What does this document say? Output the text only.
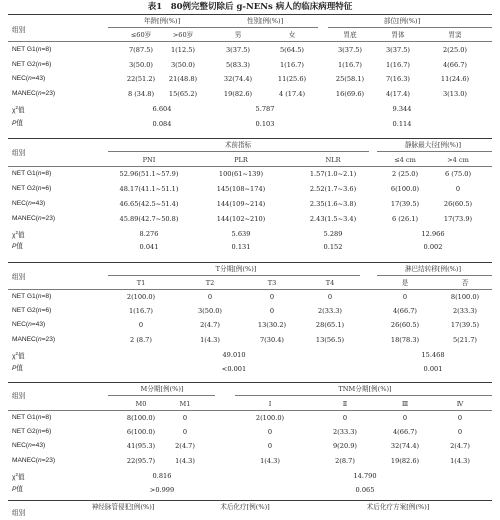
表1　80例完整切除后 g-NENs 病人的临床病理特征
组别
年龄[例(%)]	性别[例(%)]	部位[例(%)]
≤60岁	>60岁	男	女	胃底	胃体	胃窦
NET G1(n=8)	7(87.5)	1(12.5)	3(37.5)	5(64.5)	3(37.5)	3(37.5)	2(25.0)
NET G2(n=6)	3(50.0)	3(50.0)	5(83.3)	1(16.7)	1(16.7)	1(16.7)	4(66.7)
NEC(n=43)	22(51.2) 21(48.8)	32(74.4)	11(25.6)	25(58.1)	7(16.3)	11(24.6)
MANEC(n=23)	8 (34.8) 15(65.2)	19(82.6)	4 (17.4)	16(69.6)	4(17.4)	3(13.0)
$\chi^2$值
P值
6.604	5.787	9.344
0.084	0.103	0.114
组别
术前指标	静脉最大径[例(%)]
PNI	PLR	NLR	≤4 cm	>4 cm
NET G1(n=8)	52.96(51.1~57.9)	100(61~139)	1.57(1.0~2.1)	2 (25.0)	6 (75.0)
NET G2(n=6)	48.17(41.1~51.1)	145(108~174)	2.52(1.7~3.6)	6(100.0)	0
NEC(n=43)	46.65(42.5~51.4)	144(109~214)	2.35(1.6~3.8)	17(39.5)	26(60.5)
MANEC(n=23)	45.89(42.7~50.8)	144(102~210)	2.43(1.5~3.4)	6 (26.1)	17(73.9)
$\chi^2$值
P值
8.276	5.639	5.289	12.966
0.041	0.131	0.152	0.002
组别
T分期[例(%)]	淋巴结转移[例(%)]
T1	T2	T3	T4	是	否
NET G1(n=8)	2(100.0)	0	0	0	0	8(100.0)
NET G2(n=6)	1(16.7)	3(50.0)	0	2(33.3)	4(66.7)	2(33.3)
NEC(n=43)	0	2(4.7)	13(30.2)	28(65.1)	26(60.5)	17(39.5)
MANEC(n=23)	2 (8.7)	1(4.3)	7(30.4)	13(56.5)	18(78.3)	5(21.7)
$\chi^2$值
P值
49.010	15.468
<0.001	0.001
组别
M分期[例(%)]	TNM分期[例(%)]
M0	M1	Ⅰ	Ⅱ	Ⅲ	Ⅳ
NET G1(n=8)	8(100.0)	0	2(100.0)	0	0	0
NET G2(n=6)	6(100.0)	0	0	2(33.3)	4(66.7)	0
NEC(n=43)	41(95.3)	2(4.7)	0	9(20.9)	32(74.4)	2(4.7)
MANEC(n=23)	22(95.7)	1(4.3)	1(4.3)	2(8.7)	19(82.6)	1(4.3)
$\chi^2$值
P值
0.816	14.790
>0.999	0.065
组别
神经脉管侵犯[例(%)]	术后化疗[例(%)]	术后化疗方案[例(%)]
